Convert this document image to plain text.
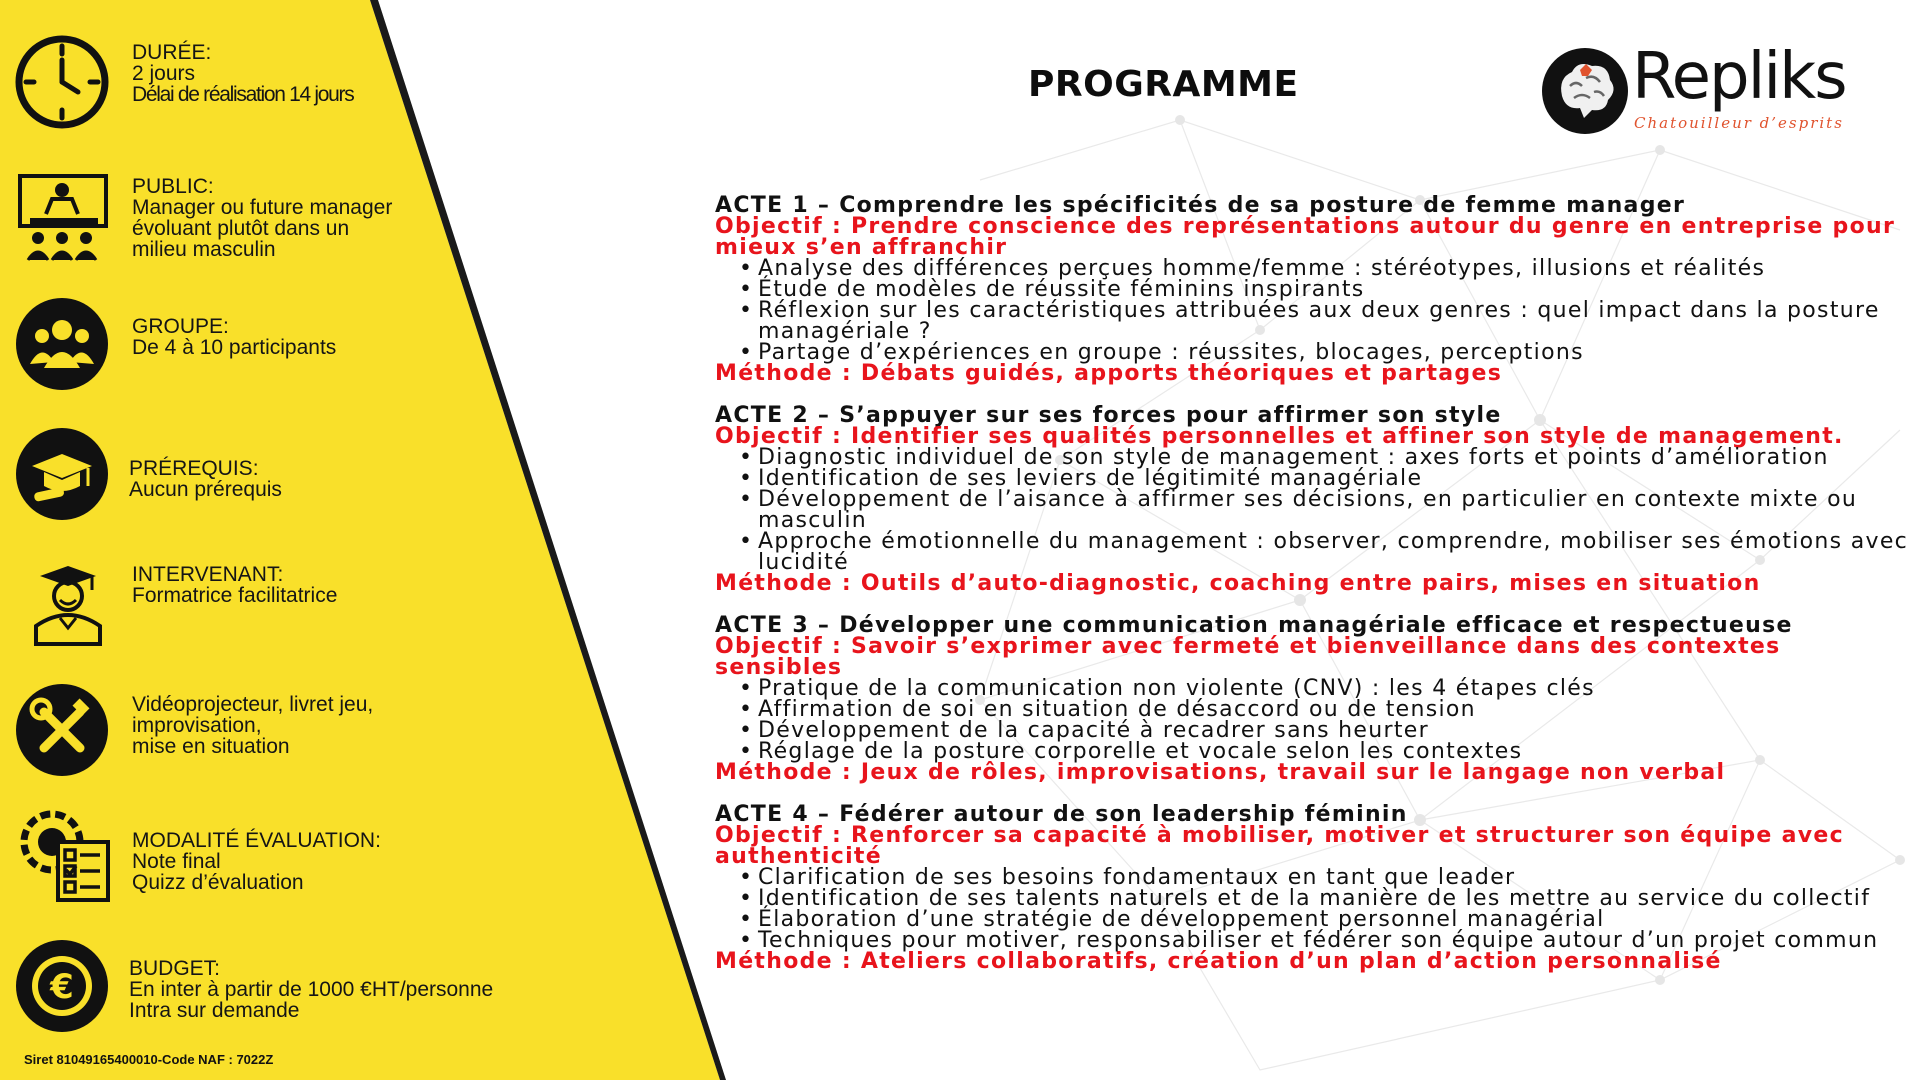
€
DURÉE:
2 jours
Délai de réalisation 14 jours
PUBLIC:
Manager ou future manager
évoluant plutôt dans un
milieu masculin
GROUPE:
De 4 à 10 participants
PRÉREQUIS:
Aucun prérequis
INTERVENANT:
Formatrice facilitatrice
Vidéoprojecteur, livret jeu,
improvisation,
mise en situation
MODALITÉ ÉVALUATION:
Note final
Quizz d’évaluation
BUDGET:
En inter à partir de 1000 €HT/personne
Intra sur demande
Siret 81049165400010-Code NAF : 7022Z
PROGRAMME	Repliks
Chatouilleur d’esprits
ACTE 1 – Comprendre les spécificités de sa posture de femme manager
Objectif : Prendre conscience des représentations autour du genre en entreprise pour mieux s’en affranchir
• Analyse des différences perçues homme/femme : stéréotypes, illusions et réalités
• Étude de modèles de réussite féminins inspirants
• Réflexion sur les caractéristiques attribuées aux deux genres : quel impact dans la posture managériale ?
• Partage d’expériences en groupe : réussites, blocages, perceptions
Méthode : Débats guidés, apports théoriques et partages
ACTE 2 – S’appuyer sur ses forces pour affirmer son style
Objectif : Identifier ses qualités personnelles et affiner son style de management.
• Diagnostic individuel de son style de management : axes forts et points d’amélioration
• Identification de ses leviers de légitimité managériale
• Développement de l’aisance à affirmer ses décisions, en particulier en contexte mixte ou masculin
• Approche émotionnelle du management : observer, comprendre, mobiliser ses émotions avec lucidité
Méthode : Outils d’auto-diagnostic, coaching entre pairs, mises en situation
ACTE 3 – Développer une communication managériale efficace et respectueuse
Objectif : Savoir s’exprimer avec fermeté et bienveillance dans des contextes sensibles
• Pratique de la communication non violente (CNV) : les 4 étapes clés
• Affirmation de soi en situation de désaccord ou de tension
• Développement de la capacité à recadrer sans heurter
• Réglage de la posture corporelle et vocale selon les contextes
Méthode : Jeux de rôles, improvisations, travail sur le langage non verbal
ACTE 4 – Fédérer autour de son leadership féminin
Objectif : Renforcer sa capacité à mobiliser, motiver et structurer son équipe avec authenticité
• Clarification de ses besoins fondamentaux en tant que leader
• Identification de ses talents naturels et de la manière de les mettre au service du collectif
• Élaboration d’une stratégie de développement personnel managérial
• Techniques pour motiver, responsabiliser et fédérer son équipe autour d’un projet commun
Méthode : Ateliers collaboratifs, création d’un plan d’action personnalisé
